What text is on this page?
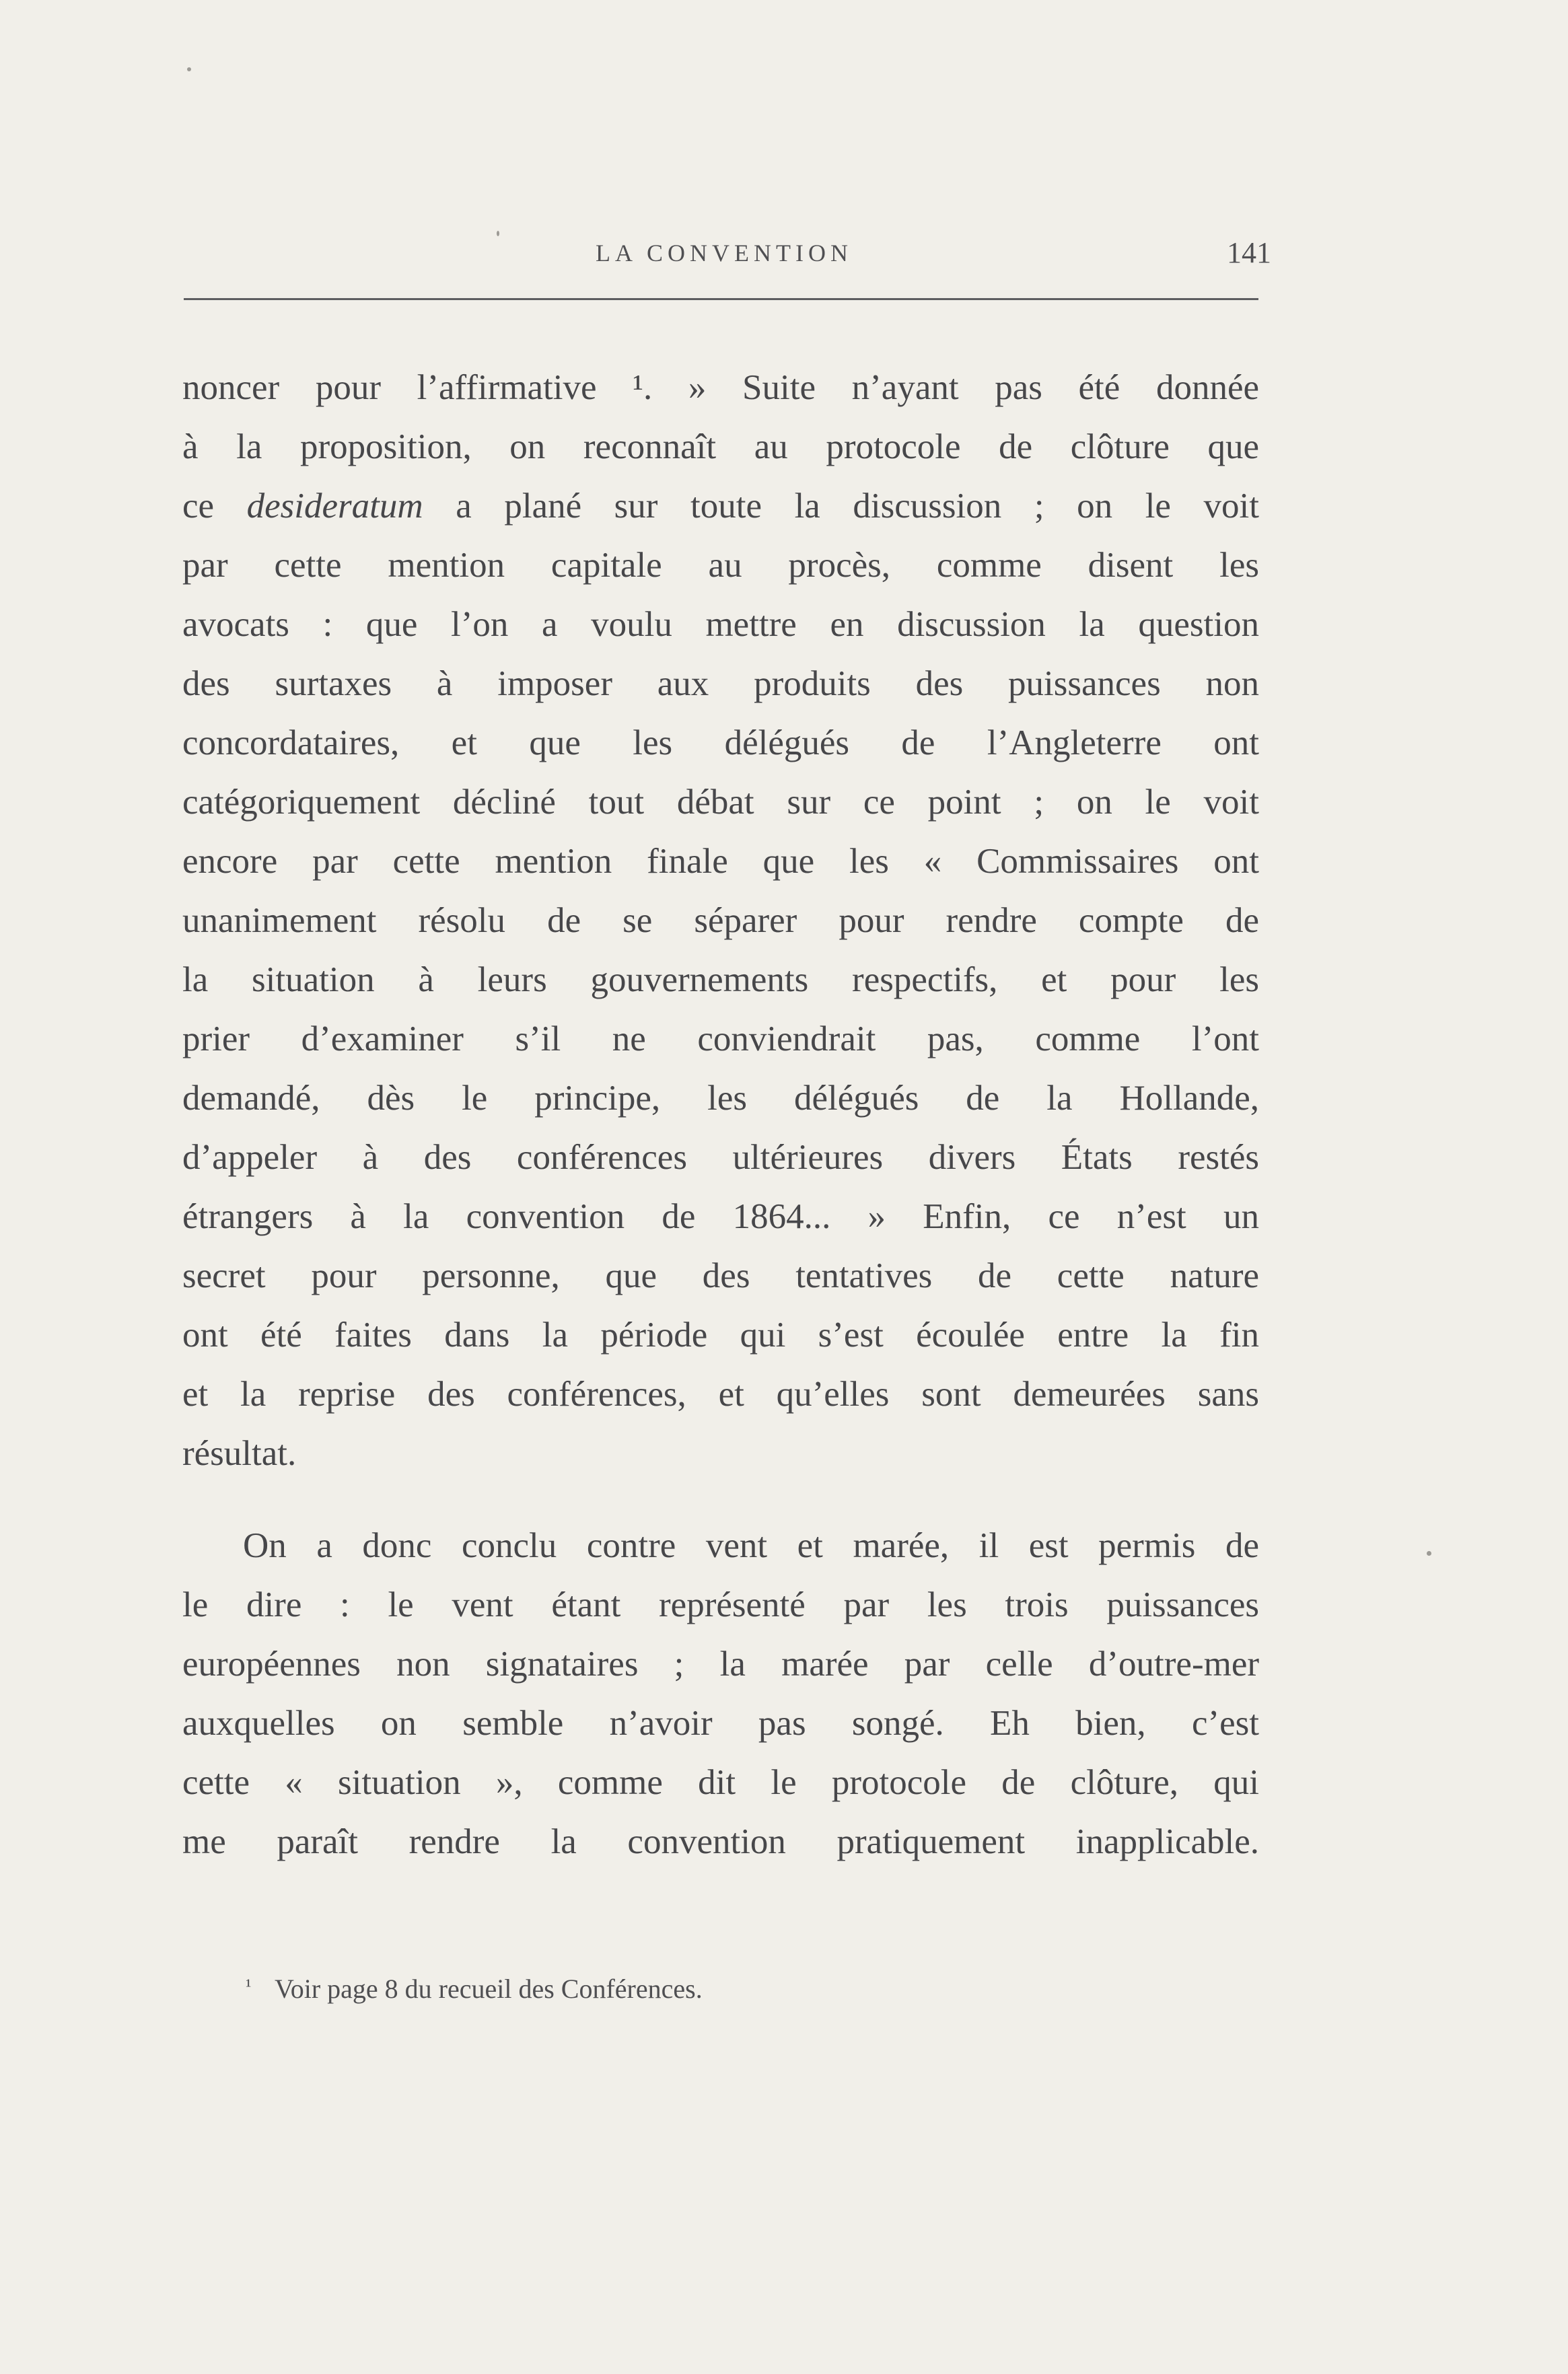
LA CONVENTION	141
noncer pour l’affirmative ¹. » Suite n’ayant pas été donnée
à la proposition, on reconnaît au protocole de clôture que
ce desideratum a plané sur toute la discussion ; on le voit
par cette mention capitale au procès, comme disent les
avocats : que l’on a voulu mettre en discussion la question
des surtaxes à imposer aux produits des puissances non
concordataires, et que les délégués de l’Angleterre ont
catégoriquement décliné tout débat sur ce point ; on le voit
encore par cette mention finale que les « Commissaires ont
unanimement résolu de se séparer pour rendre compte de
la situation à leurs gouvernements respectifs, et pour les
prier d’examiner s’il ne conviendrait pas, comme l’ont
demandé, dès le principe, les délégués de la Hollande,
d’appeler à des conférences ultérieures divers États restés
étrangers à la convention de 1864... » Enfin, ce n’est un
secret pour personne, que des tentatives de cette nature
ont été faites dans la période qui s’est écoulée entre la fin
et la reprise des conférences, et qu’elles sont demeurées sans
résultat.
On a donc conclu contre vent et marée, il est permis de
le dire : le vent étant représenté par les trois puissances
européennes non signataires ; la marée par celle d’outre-mer
auxquelles on semble n’avoir pas songé. Eh bien, c’est
cette « situation », comme dit le protocole de clôture, qui
me paraît rendre la convention pratiquement inapplicable.
¹ Voir page 8 du recueil des Conférences.
